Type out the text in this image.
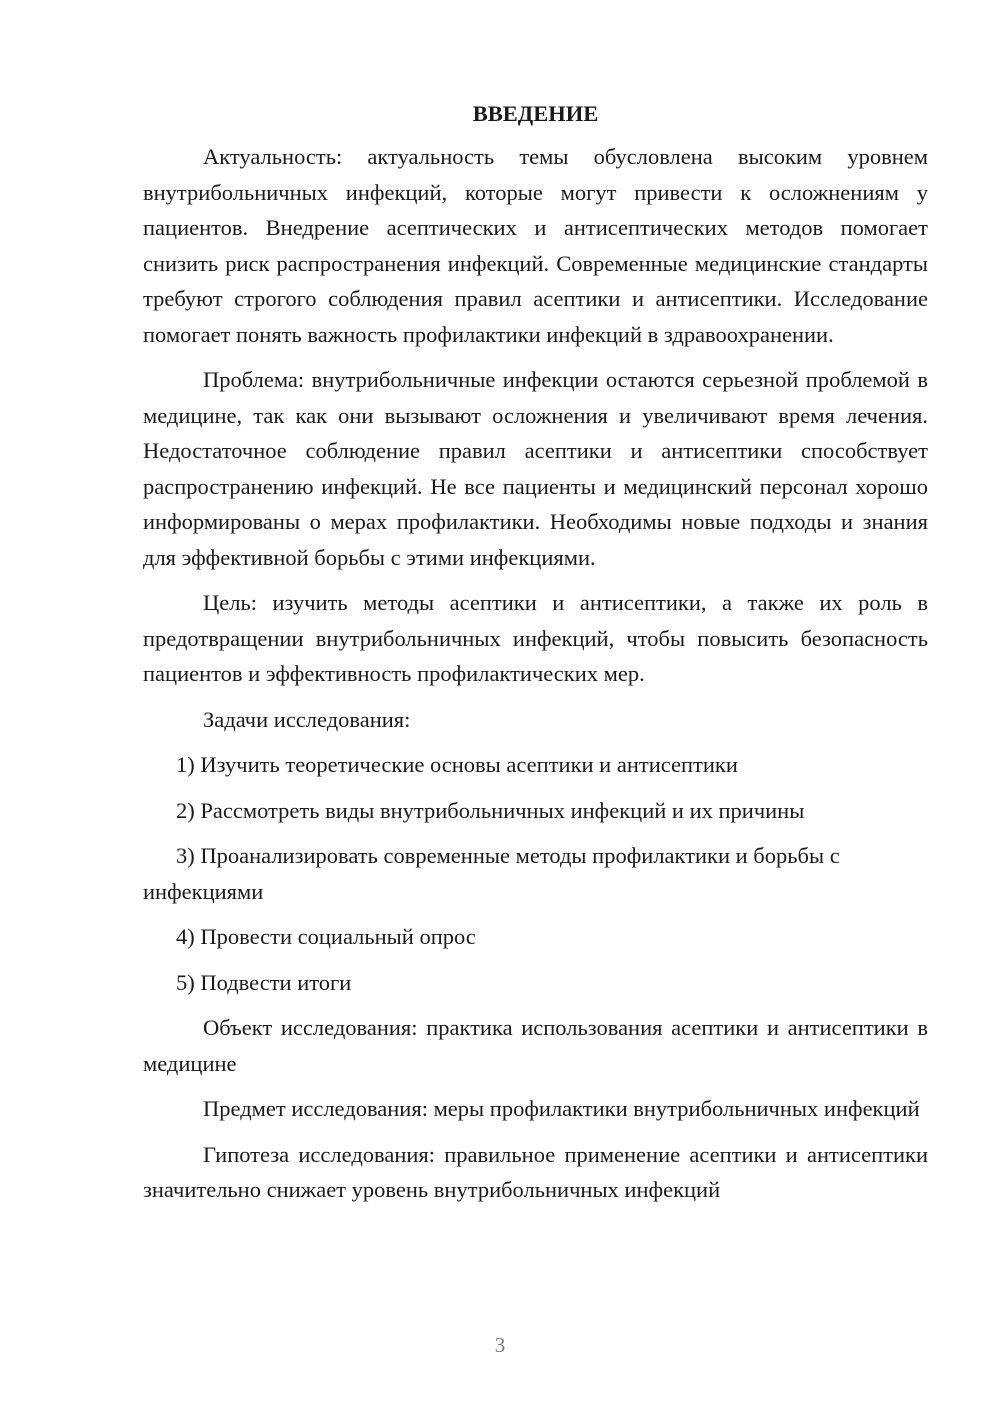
ВВЕДЕНИЕ

Актуальность: актуальность темы обусловлена высоким уровнем внутрибольничных инфекций, которые могут привести к осложнениям у пациентов. Внедрение асептических и антисептических методов помогает снизить риск распространения инфекций. Современные медицинские стандарты требуют строгого соблюдения правил асептики и антисептики. Исследование помогает понять важность профилактики инфекций в здравоохранении.

Проблема: внутрибольничные инфекции остаются серьезной проблемой в медицине, так как они вызывают осложнения и увеличивают время лечения. Недостаточное соблюдение правил асептики и антисептики способствует распространению инфекций. Не все пациенты и медицинский персонал хорошо информированы о мерах профилактики. Необходимы новые подходы и знания для эффективной борьбы с этими инфекциями.

Цель: изучить методы асептики и антисептики, а также их роль в предотвращении внутрибольничных инфекций, чтобы повысить безопасность пациентов и эффективность профилактических мер.

Задачи исследования:

1) Изучить теоретические основы асептики и антисептики

2) Рассмотреть виды внутрибольничных инфекций и их причины

3) Проанализировать современные методы профилактики и борьбы с инфекциями

4) Провести социальный опрос

5) Подвести итоги

Объект исследования: практика использования асептики и антисептики в медицине

Предмет исследования: меры профилактики внутрибольничных инфекций

Гипотеза исследования: правильное применение асептики и антисептики значительно снижает уровень внутрибольничных инфекций

3
